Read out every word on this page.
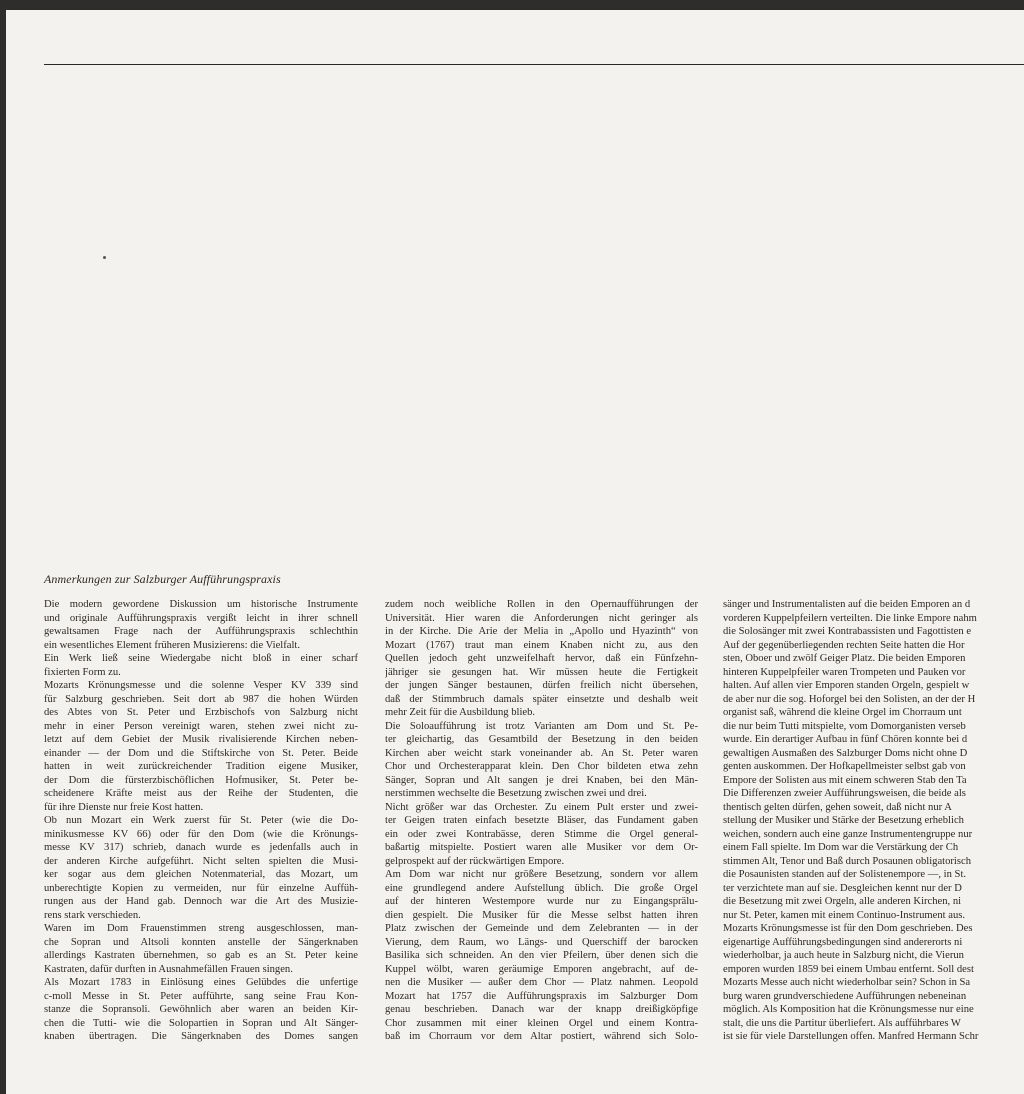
Anmerkungen zur Salzburger Aufführungspraxis
Die modern gewordene Diskussion um historische Instrumente
und originale Aufführungspraxis vergißt leicht in ihrer schnell
gewaltsamen Frage nach der Aufführungspraxis schlechthin
ein wesentliches Element früheren Musizierens: die Vielfalt.
Ein Werk ließ seine Wiedergabe nicht bloß in einer scharf
fixierten Form zu.
Mozarts Krönungsmesse und die solenne Vesper KV 339 sind
für Salzburg geschrieben. Seit dort ab 987 die hohen Würden
des Abtes von St. Peter und Erzbischofs von Salzburg nicht
mehr in einer Person vereinigt waren, stehen zwei nicht zu-
letzt auf dem Gebiet der Musik rivalisierende Kirchen neben-
einander — der Dom und die Stiftskirche von St. Peter. Beide
hatten in weit zurückreichender Tradition eigene Musiker,
der Dom die fürsterzbischöflichen Hofmusiker, St. Peter be-
scheidenere Kräfte meist aus der Reihe der Studenten, die
für ihre Dienste nur freie Kost hatten.
Ob nun Mozart ein Werk zuerst für St. Peter (wie die Do-
minikusmesse KV 66) oder für den Dom (wie die Krönungs-
messe KV 317) schrieb, danach wurde es jedenfalls auch in
der anderen Kirche aufgeführt. Nicht selten spielten die Musi-
ker sogar aus dem gleichen Notenmaterial, das Mozart, um
unberechtigte Kopien zu vermeiden, nur für einzelne Auffüh-
rungen aus der Hand gab. Dennoch war die Art des Musizie-
rens stark verschieden.
Waren im Dom Frauenstimmen streng ausgeschlossen, man-
che Sopran und Altsoli konnten anstelle der Sängerknaben
allerdings Kastraten übernehmen, so gab es an St. Peter keine
Kastraten, dafür durften in Ausnahmefällen Frauen singen.
Als Mozart 1783 in Einlösung eines Gelübdes die unfertige
c-moll Messe in St. Peter aufführte, sang seine Frau Kon-
stanze die Sopransoli. Gewöhnlich aber waren an beiden Kir-
chen die Tutti- wie die Solopartien in Sopran und Alt Sänger-
knaben übertragen. Die Sängerknaben des Domes sangen
zudem noch weibliche Rollen in den Opernaufführungen der
Universität. Hier waren die Anforderungen nicht geringer als
in der Kirche. Die Arie der Melia in „Apollo und Hyazinth“ von
Mozart (1767) traut man einem Knaben nicht zu, aus den
Quellen jedoch geht unzweifelhaft hervor, daß ein Fünfzehn-
jähriger sie gesungen hat. Wir müssen heute die Fertigkeit
der jungen Sänger bestaunen, dürfen freilich nicht übersehen,
daß der Stimmbruch damals später einsetzte und deshalb weit
mehr Zeit für die Ausbildung blieb.
Die Soloaufführung ist trotz Varianten am Dom und St. Pe-
ter gleichartig, das Gesamtbild der Besetzung in den beiden
Kirchen aber weicht stark voneinander ab. An St. Peter waren
Chor und Orchesterapparat klein. Den Chor bildeten etwa zehn
Sänger, Sopran und Alt sangen je drei Knaben, bei den Män-
nerstimmen wechselte die Besetzung zwischen zwei und drei.
Nicht größer war das Orchester. Zu einem Pult erster und zwei-
ter Geigen traten einfach besetzte Bläser, das Fundament gaben
ein oder zwei Kontrabässe, deren Stimme die Orgel general-
baßartig mitspielte. Postiert waren alle Musiker vor dem Or-
gelprospekt auf der rückwärtigen Empore.
Am Dom war nicht nur größere Besetzung, sondern vor allem
eine grundlegend andere Aufstellung üblich. Die große Orgel
auf der hinteren Westempore wurde nur zu Eingangsprälu-
dien gespielt. Die Musiker für die Messe selbst hatten ihren
Platz zwischen der Gemeinde und dem Zelebranten — in der
Vierung, dem Raum, wo Längs- und Querschiff der barocken
Basilika sich schneiden. An den vier Pfeilern, über denen sich die
Kuppel wölbt, waren geräumige Emporen angebracht, auf de-
nen die Musiker — außer dem Chor — Platz nahmen. Leopold
Mozart hat 1757 die Aufführungspraxis im Salzburger Dom
genau beschrieben. Danach war der knapp dreißigköpfige
Chor zusammen mit einer kleinen Orgel und einem Kontra-
baß im Chorraum vor dem Altar postiert, während sich Solo-
sänger und Instrumentalisten auf die beiden Emporen an d
vorderen Kuppelpfeilern verteilten. Die linke Empore nahm
die Solosänger mit zwei Kontrabassisten und Fagottisten e
Auf der gegenüberliegenden rechten Seite hatten die Hor
sten, Oboer und zwölf Geiger Platz. Die beiden Emporen
hinteren Kuppelpfeiler waren Trompeten und Pauken vor
halten. Auf allen vier Emporen standen Orgeln, gespielt w
de aber nur die sog. Hoforgel bei den Solisten, an der der H
organist saß, während die kleine Orgel im Chorraum unt
die nur beim Tutti mitspielte, vom Domorganisten verseb
wurde. Ein derartiger Aufbau in fünf Chören konnte bei d
gewaltigen Ausmaßen des Salzburger Doms nicht ohne D
genten auskommen. Der Hofkapellmeister selbst gab von
Empore der Solisten aus mit einem schweren Stab den Ta
Die Differenzen zweier Aufführungsweisen, die beide als
thentisch gelten dürfen, gehen soweit, daß nicht nur A
stellung der Musiker und Stärke der Besetzung erheblich
weichen, sondern auch eine ganze Instrumentengruppe nur
einem Fall spielte. Im Dom war die Verstärkung der Ch
stimmen Alt, Tenor und Baß durch Posaunen obligatorisch
die Posaunisten standen auf der Solistenempore —, in St.
ter verzichtete man auf sie. Desgleichen kennt nur der D
die Besetzung mit zwei Orgeln, alle anderen Kirchen, ni
nur St. Peter, kamen mit einem Continuo-Instrument aus.
Mozarts Krönungsmesse ist für den Dom geschrieben. Des
eigenartige Aufführungsbedingungen sind andererorts ni
wiederholbar, ja auch heute in Salzburg nicht, die Vierun
emporen wurden 1859 bei einem Umbau entfernt. Soll dest
Mozarts Messe auch nicht wiederholbar sein? Schon in Sa
burg waren grundverschiedene Aufführungen nebeneinan
möglich. Als Komposition hat die Krönungsmesse nur eine
stalt, die uns die Partitur überliefert. Als aufführbares W
ist sie für viele Darstellungen offen. Manfred Hermann Schr
